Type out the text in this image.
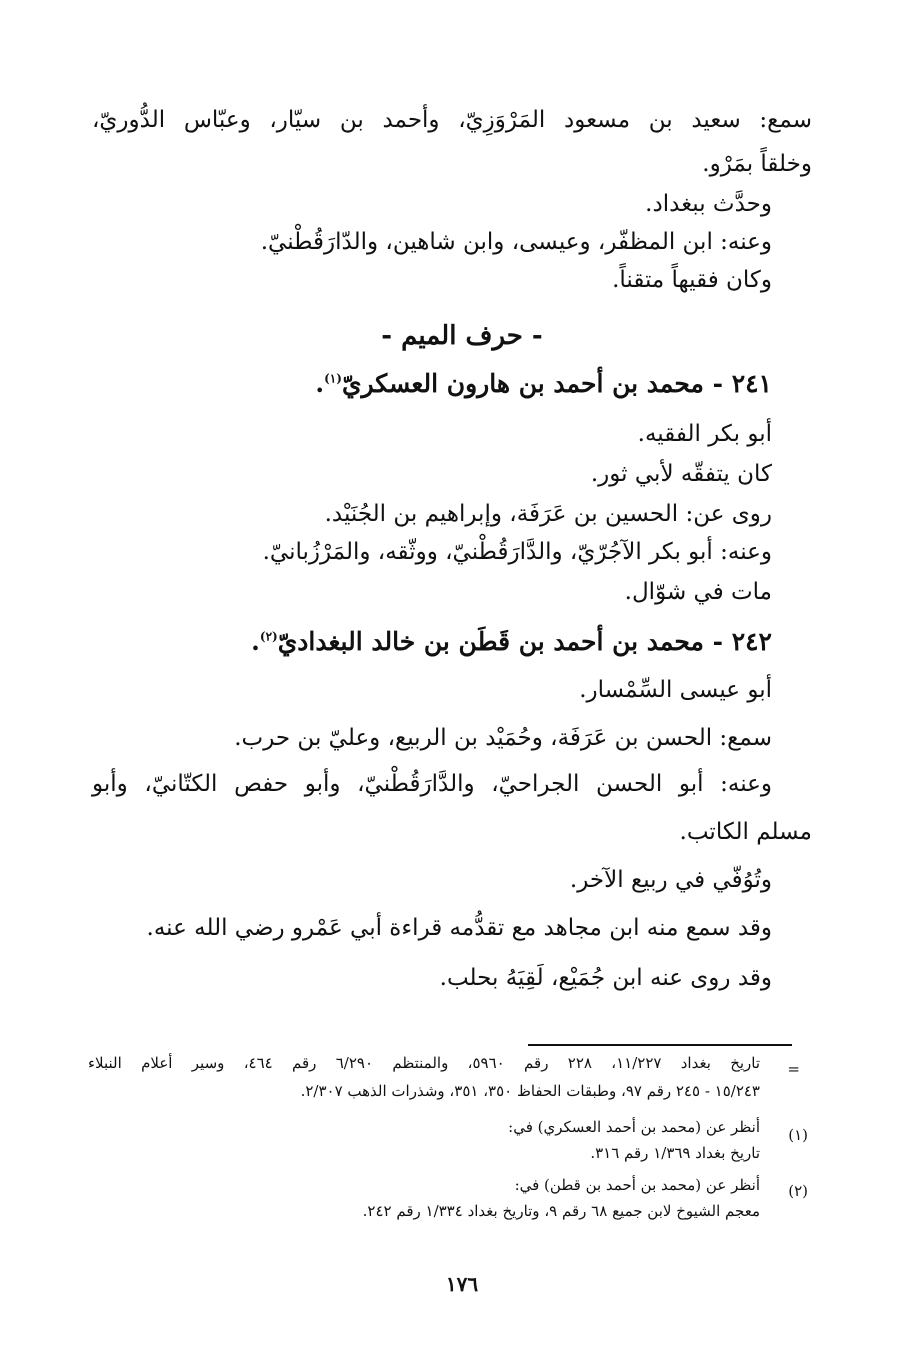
سمع: سعيد بن مسعود المَرْوَزِيّ، وأحمد بن سيّار، وعبّاس الدُّوريّ،
وخلقاً بمَرْو.
وحدَّث ببغداد.
وعنه: ابن المظفّر، وعيسى، وابن شاهين، والدّارَقُطْنيّ.
وكان فقيهاً متقناً.
- حرف الميم -
٢٤١ - محمد بن أحمد بن هارون العسكريّ$^{(١)}$.
أبو بكر الفقيه.
كان يتفقّه لأبي ثور.
روى عن: الحسين بن عَرَفَة، وإبراهيم بن الجُنَيْد.
وعنه: أبو بكر الآجُرّيّ، والدَّارَقُطْنيّ، ووثّقه، والمَرْزُبانيّ.
مات في شوّال.
٢٤٢ - محمد بن أحمد بن قَطَن بن خالد البغداديّ$^{(٢)}$.
أبو عيسى السِّمْسار.
سمع: الحسن بن عَرَفَة، وحُمَيْد بن الربيع، وعليّ بن حرب.
وعنه: أبو الحسن الجراحيّ، والدَّارَقُطْنيّ، وأبو حفص الكتّانيّ، وأبو
مسلم الكاتب.
وتُوُفّي في ربيع الآخر.
وقد سمع منه ابن مجاهد مع تقدُّمه قراءة أبي عَمْرو رضي الله عنه.
وقد روى عنه ابن جُمَيْع، لَقِيَهُ بحلب.
=
تاريخ بغداد ١١/٢٢٧، ٢٢٨ رقم ٥٩٦٠، والمنتظم ٦/٢٩٠ رقم ٤٦٤، وسير أعلام النبلاء
١٥/٢٤٣ - ٢٤٥ رقم ٩٧، وطبقات الحفاظ ٣٥٠، ٣٥١، وشذرات الذهب ٢/٣٠٧.
(١)
أنظر عن (محمد بن أحمد العسكري) في:
تاريخ بغداد ١/٣٦٩ رقم ٣١٦.
(٢)
أنظر عن (محمد بن أحمد بن قطن) في:
معجم الشيوخ لابن جميع ٦٨ رقم ٩، وتاريخ بغداد ١/٣٣٤ رقم ٢٤٢.
١٧٦
